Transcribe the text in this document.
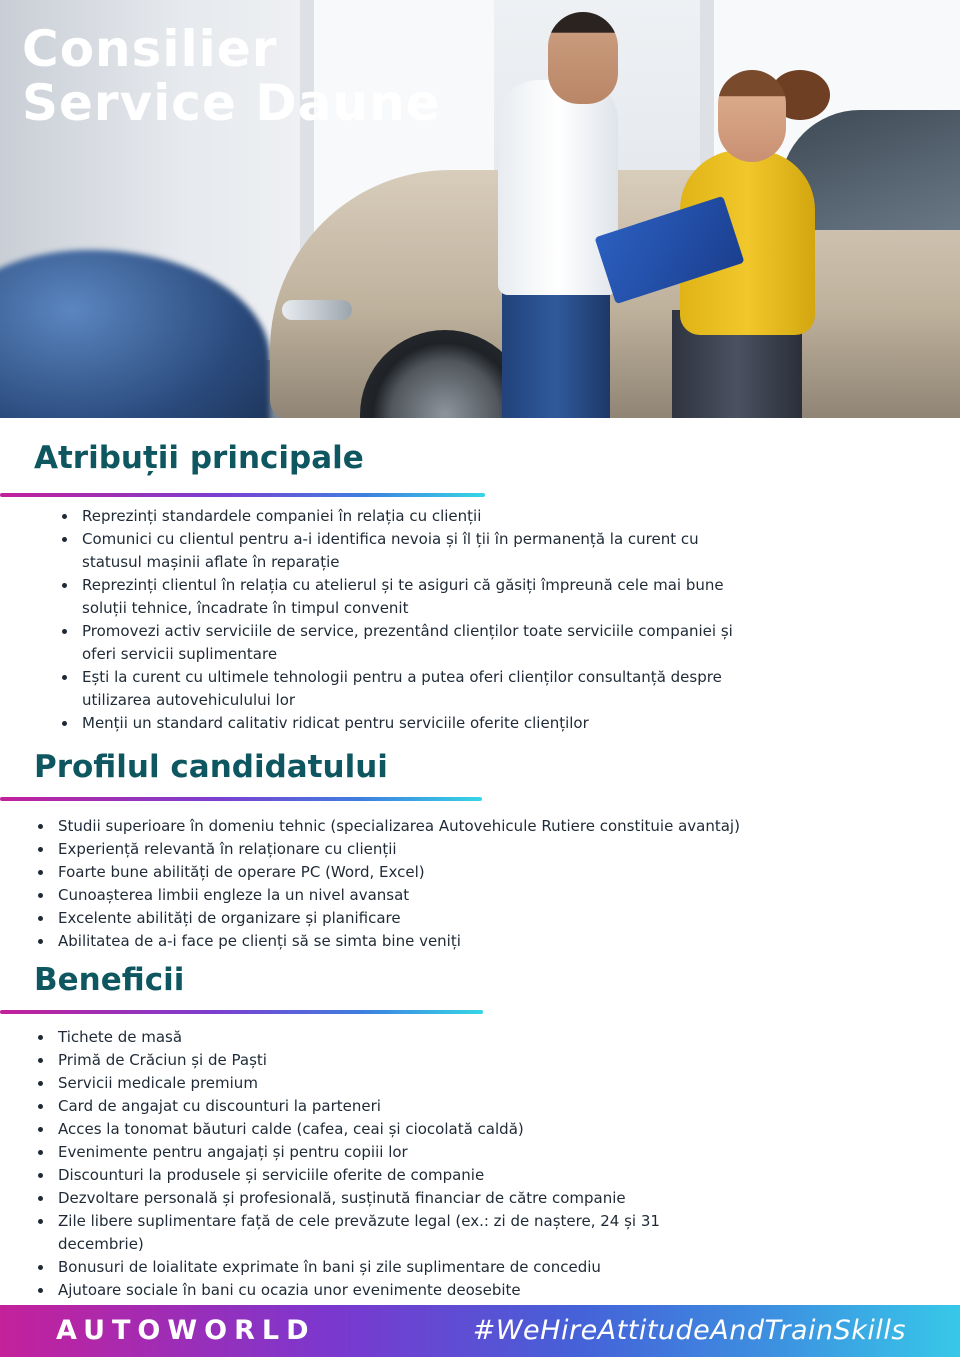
Consilier
Service Daune
Atribuții principale
Reprezinți standardele companiei în relația cu clienții
Comunici cu clientul pentru a-i identifica nevoia și îl ții în permanență la curent cu statusul mașinii aflate în reparație
Reprezinți clientul în relația cu atelierul și te asiguri că găsiți împreună cele mai bune soluții tehnice, încadrate în timpul convenit
Promovezi activ serviciile de service, prezentând clienților toate serviciile companiei și oferi servicii suplimentare
Ești la curent cu ultimele tehnologii pentru a putea oferi clienților consultanță despre utilizarea autovehiculului lor
Menții un standard calitativ ridicat pentru serviciile oferite clienților
Profilul candidatului
Studii superioare în domeniu tehnic (specializarea Autovehicule Rutiere constituie avantaj)
Experiență relevantă în relaționare cu clienții
Foarte bune abilități de operare PC (Word, Excel)
Cunoașterea limbii engleze la un nivel avansat
Excelente abilități de organizare și planificare
Abilitatea de a-i face pe clienți să se simta bine veniți
Beneficii
Tichete de masă
Primă de Crăciun și de Paști
Servicii medicale premium
Card de angajat cu discounturi la parteneri
Acces la tonomat băuturi calde (cafea, ceai și ciocolată caldă)
Evenimente pentru angajați și pentru copiii lor
Discounturi la produsele și serviciile oferite de companie
Dezvoltare personală și profesională, susținută financiar de către companie
Zile libere suplimentare față de cele prevăzute legal (ex.: zi de naștere, 24 și 31 decembrie)
Bonusuri de loialitate exprimate în bani și zile suplimentare de concediu
Ajutoare sociale în bani cu ocazia unor evenimente deosebite
AUTOWORLD	#WeHireAttitudeAndTrainSkills
